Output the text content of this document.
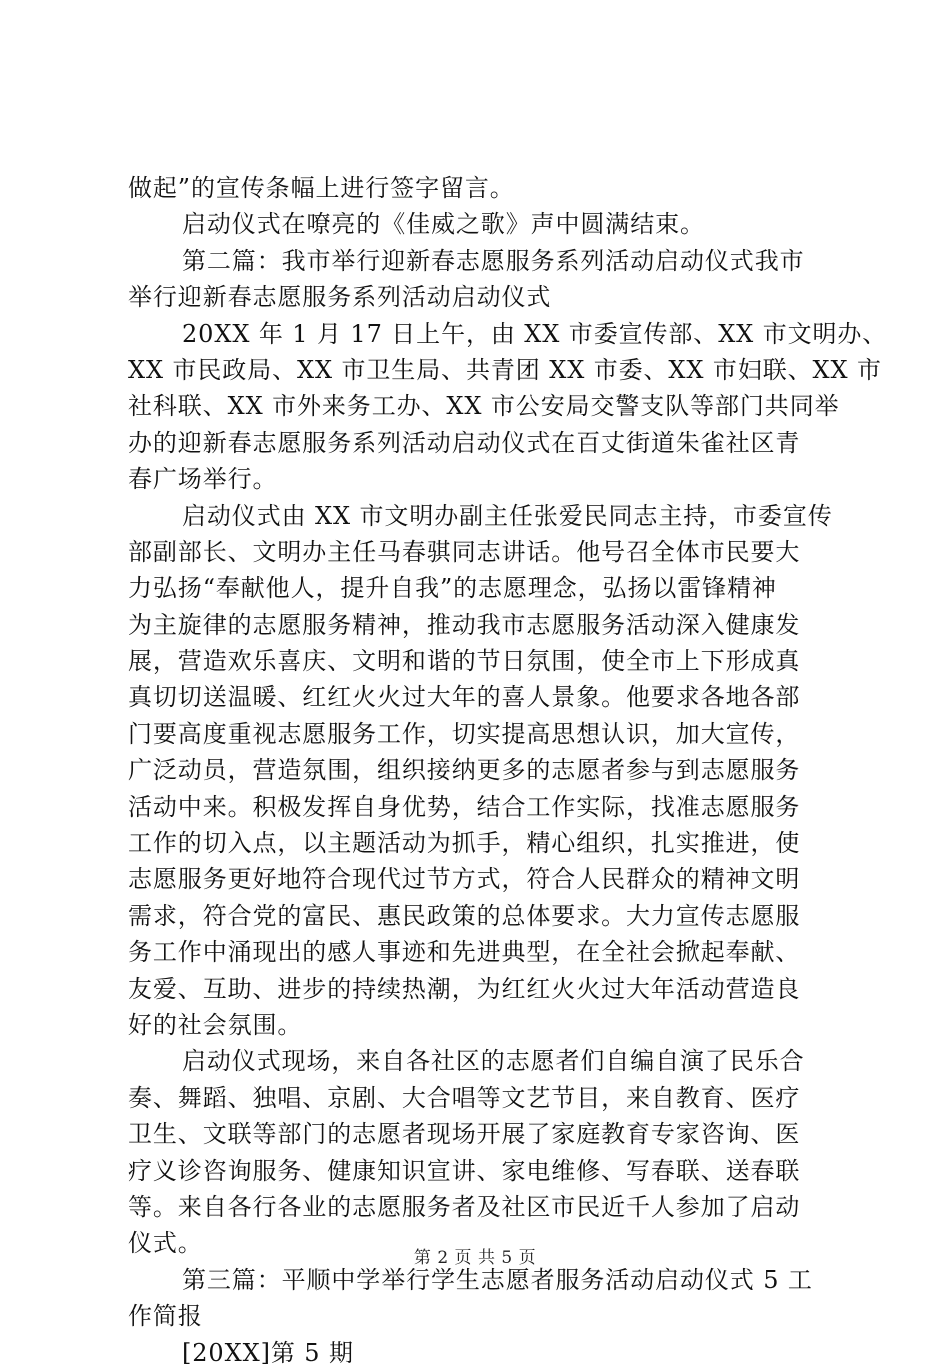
做起”的宣传条幅上进行签字留言。
启动仪式在嘹亮的《佳威之歌》声中圆满结束。
第二篇：我市举行迎新春志愿服务系列活动启动仪式我市
举行迎新春志愿服务系列活动启动仪式
20XX 年 1 月 17 日上午，由 XX 市委宣传部、XX 市文明办、
XX 市民政局、XX 市卫生局、共青团 XX 市委、XX 市妇联、XX 市
社科联、XX 市外来务工办、XX 市公安局交警支队等部门共同举
办的迎新春志愿服务系列活动启动仪式在百丈街道朱雀社区青
春广场举行。
启动仪式由 XX 市文明办副主任张爱民同志主持，市委宣传
部副部长、文明办主任马春骐同志讲话。他号召全体市民要大
力弘扬“奉献他人，提升自我”的志愿理念，弘扬以雷锋精神
为主旋律的志愿服务精神，推动我市志愿服务活动深入健康发
展，营造欢乐喜庆、文明和谐的节日氛围，使全市上下形成真
真切切送温暖、红红火火过大年的喜人景象。他要求各地各部
门要高度重视志愿服务工作，切实提高思想认识，加大宣传，
广泛动员，营造氛围，组织接纳更多的志愿者参与到志愿服务
活动中来。积极发挥自身优势，结合工作实际，找准志愿服务
工作的切入点，以主题活动为抓手，精心组织，扎实推进，使
志愿服务更好地符合现代过节方式，符合人民群众的精神文明
需求，符合党的富民、惠民政策的总体要求。大力宣传志愿服
务工作中涌现出的感人事迹和先进典型，在全社会掀起奉献、
友爱、互助、进步的持续热潮，为红红火火过大年活动营造良
好的社会氛围。
启动仪式现场，来自各社区的志愿者们自编自演了民乐合
奏、舞蹈、独唱、京剧、大合唱等文艺节目，来自教育、医疗
卫生、文联等部门的志愿者现场开展了家庭教育专家咨询、医
疗义诊咨询服务、健康知识宣讲、家电维修、写春联、送春联
等。来自各行各业的志愿服务者及社区市民近千人参加了启动
仪式。
第三篇：平顺中学举行学生志愿者服务活动启动仪式 5 工
作简报
[20XX]第 5 期
第 2 页 共 5 页
